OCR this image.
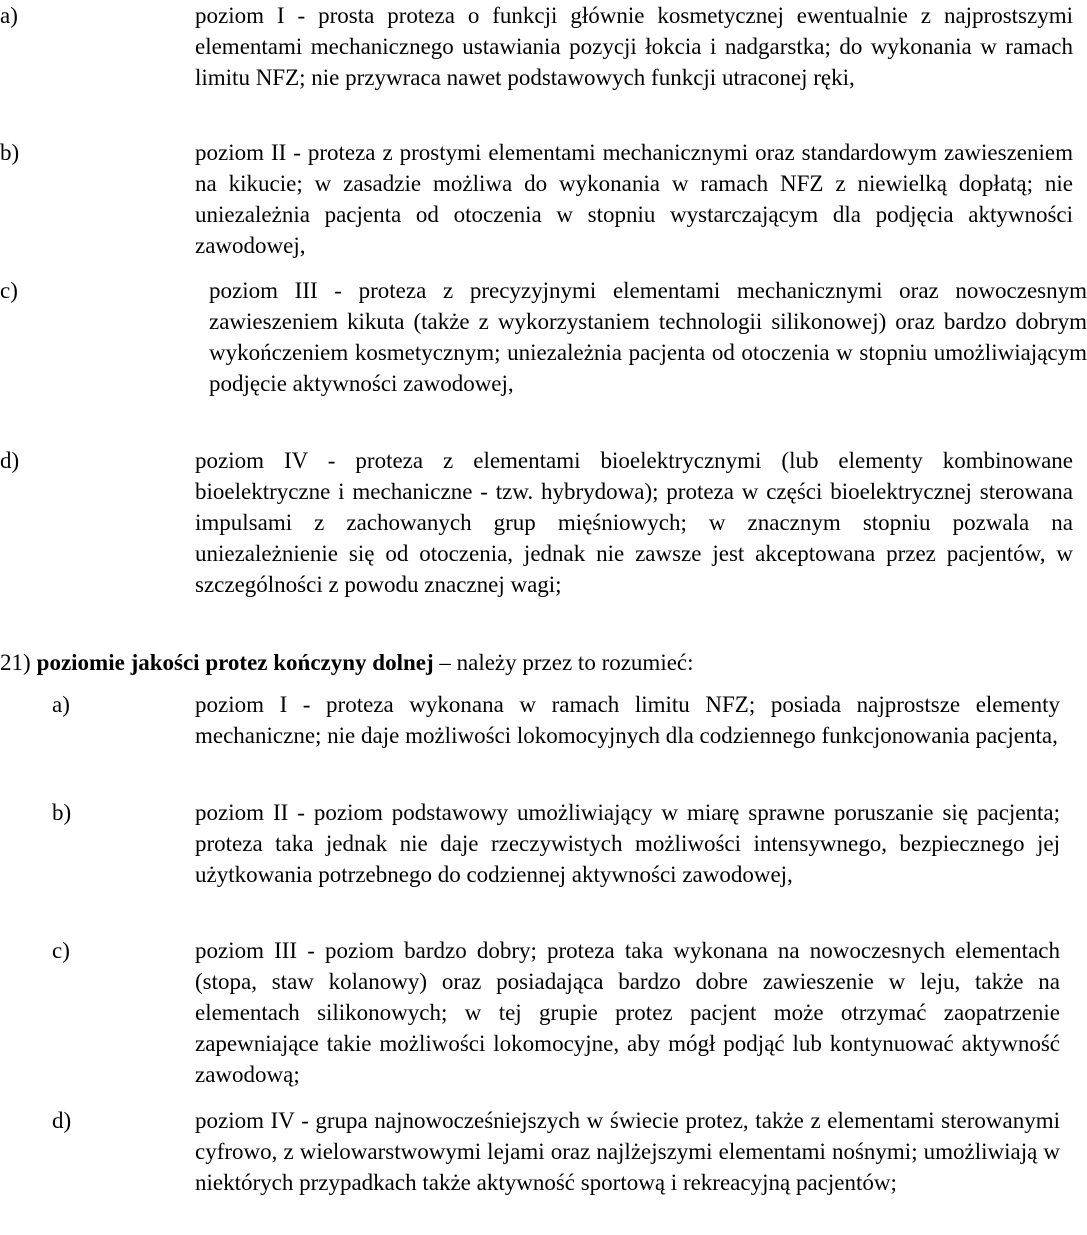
a)	poziom I - prosta proteza o funkcji głównie kosmetycznej ewentualnie z najprostszymi elementami mechanicznego ustawiania pozycji łokcia i nadgarstka; do wykonania w ramach limitu NFZ; nie przywraca nawet podstawowych funkcji utraconej ręki,
b)	poziom II - proteza z prostymi elementami mechanicznymi oraz standardowym zawieszeniem na kikucie; w zasadzie możliwa do wykonania w ramach NFZ z niewielką dopłatą; nie uniezależnia pacjenta od otoczenia w stopniu wystarczającym dla podjęcia aktywności zawodowej,
c)	poziom III - proteza z precyzyjnymi elementami mechanicznymi oraz nowoczesnym zawieszeniem kikuta (także z wykorzystaniem technologii silikonowej) oraz bardzo dobrym wykończeniem kosmetycznym; uniezależnia pacjenta od otoczenia w stopniu umożliwiającym podjęcie aktywności zawodowej,
d)	poziom IV - proteza z elementami bioelektrycznymi (lub elementy kombinowane bioelektryczne i mechaniczne - tzw. hybrydowa); proteza w części bioelektrycznej sterowana impulsami z zachowanych grup mięśniowych; w znacznym stopniu pozwala na uniezależnienie się od otoczenia, jednak nie zawsze jest akceptowana przez pacjentów, w szczególności z powodu znacznej wagi;
21) poziomie jakości protez kończyny dolnej – należy przez to rozumieć:
a)	poziom I - proteza wykonana w ramach limitu NFZ; posiada najprostsze elementy mechaniczne; nie daje możliwości lokomocyjnych dla codziennego funkcjonowania pacjenta,
b)	poziom II - poziom podstawowy umożliwiający w miarę sprawne poruszanie się pacjenta; proteza taka jednak nie daje rzeczywistych możliwości intensywnego, bezpiecznego jej użytkowania potrzebnego do codziennej aktywności zawodowej,
c)	poziom III - poziom bardzo dobry; proteza taka wykonana na nowoczesnych elementach (stopa, staw kolanowy) oraz posiadająca bardzo dobre zawieszenie w leju, także na elementach silikonowych; w tej grupie protez pacjent może otrzymać zaopatrzenie zapewniające takie możliwości lokomocyjne, aby mógł podjąć lub kontynuować aktywność zawodową;
d)	poziom IV - grupa najnowocześniejszych w świecie protez, także z elementami sterowanymi cyfrowo, z wielowarstwowymi lejami oraz najlżejszymi elementami nośnymi; umożliwiają w niektórych przypadkach także aktywność sportową i rekreacyjną pacjentów;
